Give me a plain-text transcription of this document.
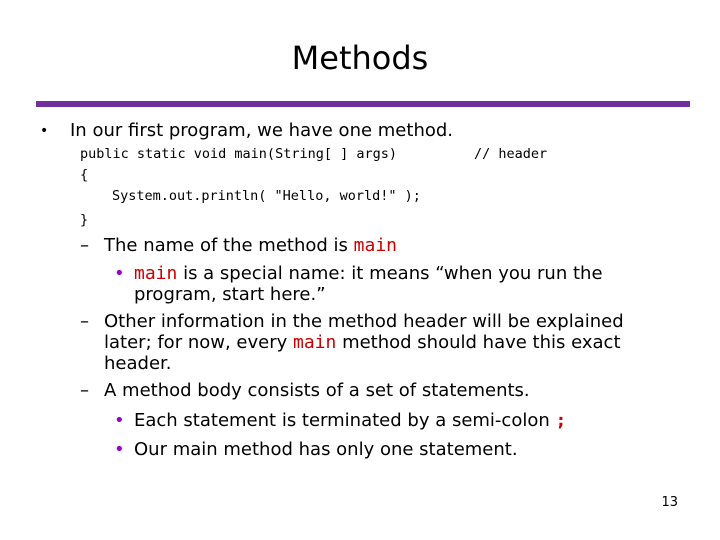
Methods
• In our first program, we have one method.
public static void main(String[ ] args)	// header
{
System.out.println( "Hello, world!" );
}
– The name of the method is main
• main is a special name: it means “when you run the
program, start here.”
– Other information in the method header will be explained
later; for now, every main method should have this exact
header.
– A method body consists of a set of statements.
• Each statement is terminated by a semi-colon ;
• Our main method has only one statement.
13
